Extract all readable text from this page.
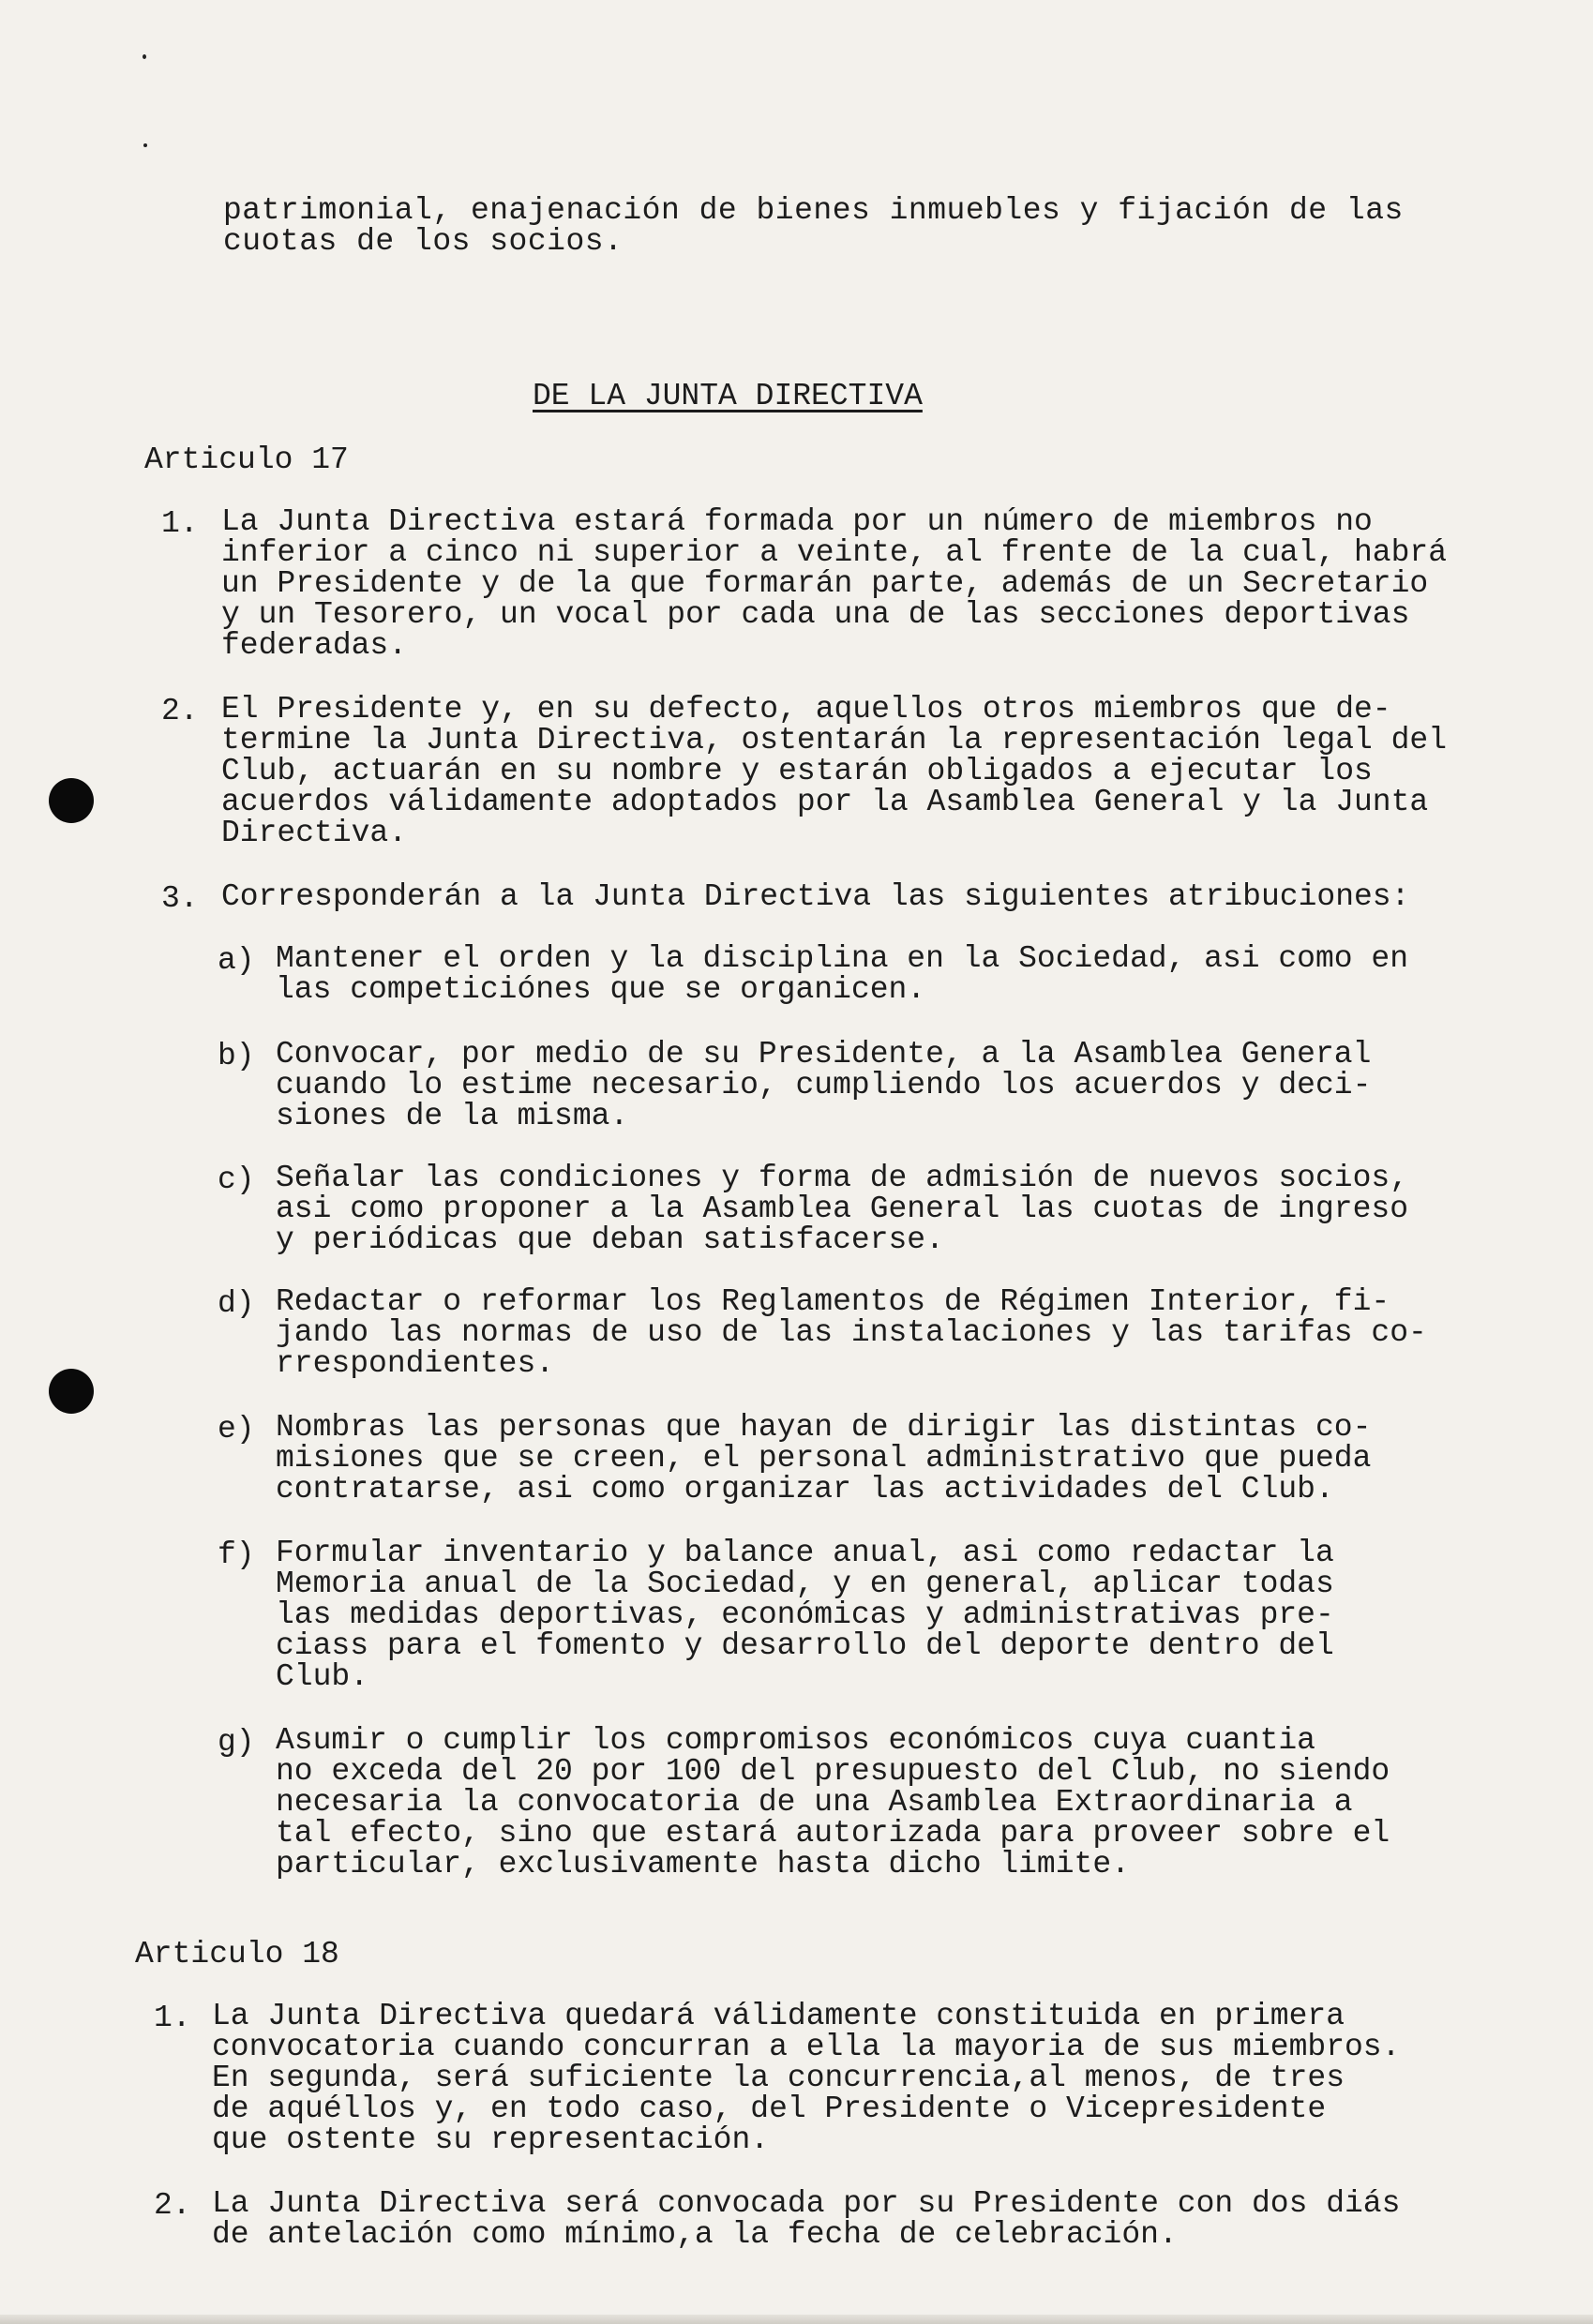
patrimonial, enajenación de bienes inmuebles y fijación de las
cuotas de los socios.
DE LA JUNTA DIRECTIVA
Articulo 17
1. La Junta Directiva estará formada por un número de miembros no
inferior a cinco ni superior a veinte, al frente de la cual, habrá
un Presidente y de la que formarán parte, además de un Secretario
y un Tesorero, un vocal por cada una de las secciones deportivas
federadas.
2. El Presidente y, en su defecto, aquellos otros miembros que de-
termine la Junta Directiva, ostentarán la representación legal del
Club, actuarán en su nombre y estarán obligados a ejecutar los
acuerdos válidamente adoptados por la Asamblea General y la Junta
Directiva.
3. Corresponderán a la Junta Directiva las siguientes atribuciones:
a) Mantener el orden y la disciplina en la Sociedad, asi como en
las competiciónes que se organicen.
b) Convocar, por medio de su Presidente, a la Asamblea General
cuando lo estime necesario, cumpliendo los acuerdos y deci-
siones de la misma.
c) Señalar las condiciones y forma de admisión de nuevos socios,
asi como proponer a la Asamblea General las cuotas de ingreso
y periódicas que deban satisfacerse.
d) Redactar o reformar los Reglamentos de Régimen Interior, fi-
jando las normas de uso de las instalaciones y las tarifas co-
rrespondientes.
e) Nombras las personas que hayan de dirigir las distintas co-
misiones que se creen, el personal administrativo que pueda
contratarse, asi como organizar las actividades del Club.
f) Formular inventario y balance anual, asi como redactar la
Memoria anual de la Sociedad, y en general, aplicar todas
las medidas deportivas, económicas y administrativas pre-
ciass para el fomento y desarrollo del deporte dentro del
Club.
g) Asumir o cumplir los compromisos económicos cuya cuantia
no exceda del 20 por 100 del presupuesto del Club, no siendo
necesaria la convocatoria de una Asamblea Extraordinaria a
tal efecto, sino que estará autorizada para proveer sobre el
particular, exclusivamente hasta dicho limite.
Articulo 18
1. La Junta Directiva quedará válidamente constituida en primera
convocatoria cuando concurran a ella la mayoria de sus miembros.
En segunda, será suficiente la concurrencia,al menos, de tres
de aquéllos y, en todo caso, del Presidente o Vicepresidente
que ostente su representación.
2. La Junta Directiva será convocada por su Presidente con dos diás
de antelación como mínimo,a la fecha de celebración.
